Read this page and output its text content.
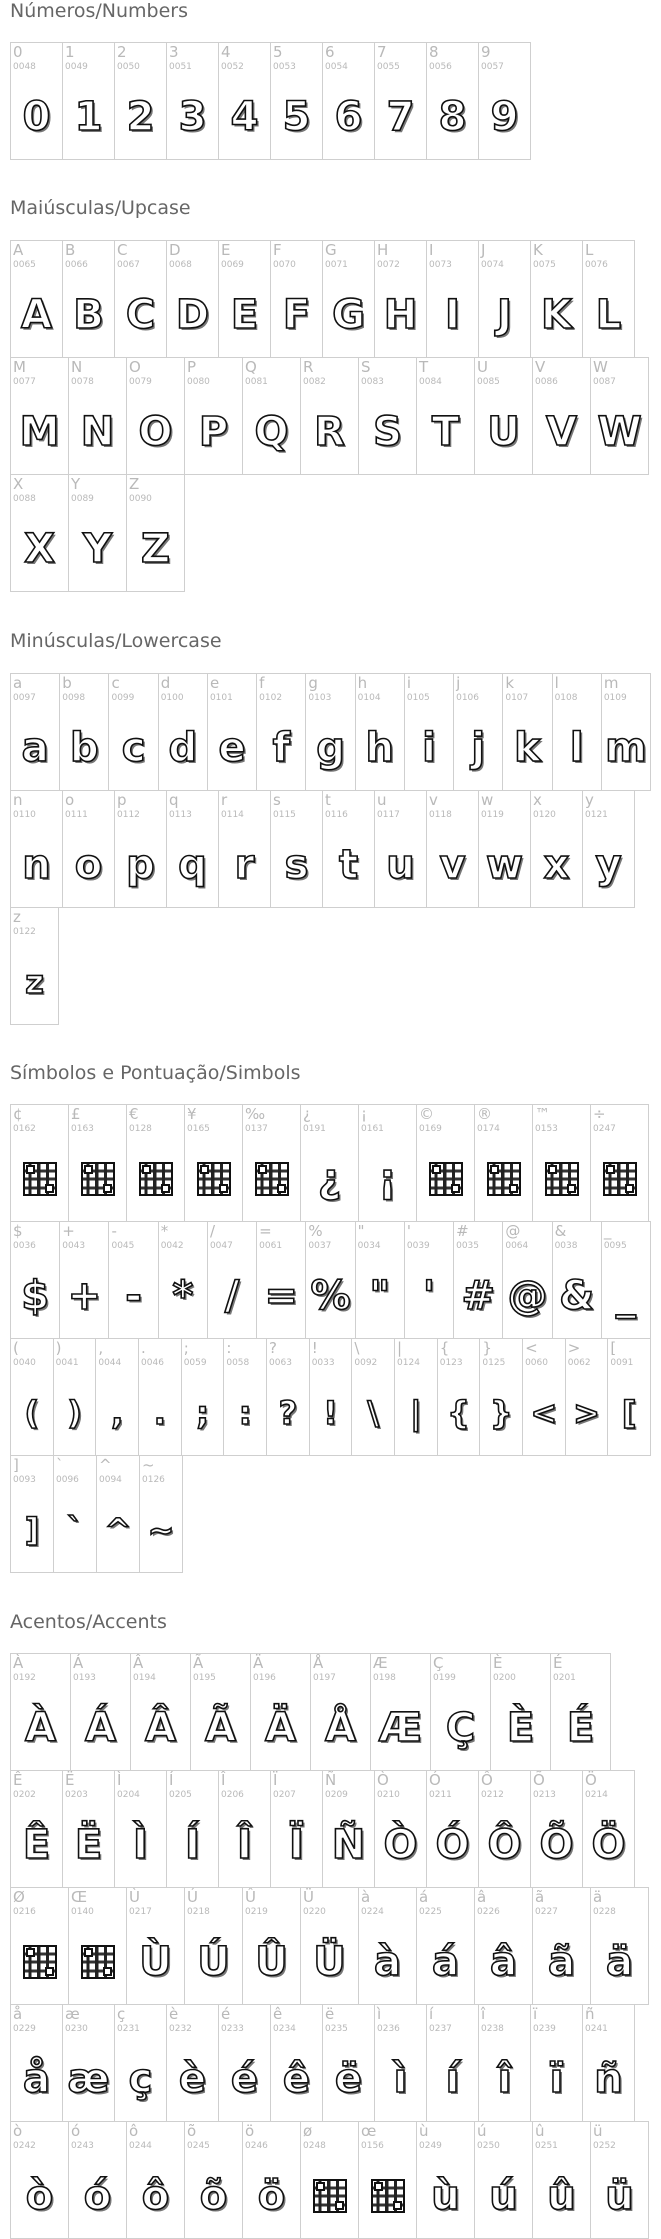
Números/Numbers
Maiúsculas/Upcase
Minúsculas/Lowercase
Símbolos e Pontuação/Simbols
Acentos/Accents
0
0048
0
1
0049
1
2
0050
2
3
0051
3
4
0052
4
5
0053
5
6
0054
6
7
0055
7
8
0056
8
9
0057
9
A
0065
A
B
0066
B
C
0067
C
D
0068
D
E
0069
E
F
0070
F
G
0071
G
H
0072
H
I
0073
I
J
0074
J
K
0075
K
L
0076
L
M
0077
M
N
0078
N
O
0079
O
P
0080
P
Q
0081
Q
R
0082
R
S
0083
S
T
0084
T
U
0085
U
V
0086
V
W
0087
W
X
0088
X
Y
0089
Y
Z
0090
Z
a
0097
a
b
0098
b
c
0099
c
d
0100
d
e
0101
e
f
0102
f
g
0103
g
h
0104
h
i
0105
i
j
0106
j
k
0107
k
l
0108
l
m
0109
m
n
0110
n
o
0111
o
p
0112
p
q
0113
q
r
0114
r
s
0115
s
t
0116
t
u
0117
u
v
0118
v
w
0119
w
x
0120
x
y
0121
y
z
0122
z
¢
0162
£
0163
€
0128
¥
0165
‰
0137
¿
0191
¿
¡
0161
¡
©
0169
®
0174
™
0153
÷
0247
$
0036
$
+
0043
+
-
0045
-
*
0042
*
/
0047
/
=
0061
=
%
0037
%
"
0034
"
'
0039
'
#
0035
#
@
0064
@
&
0038
&
_
0095
_
(
0040
(
)
0041
)
,
0044
,
.
0046
.
;
0059
;
:
0058
:
?
0063
?
!
0033
!
\
0092
\
|
0124
|
{
0123
{
}
0125
}
<
0060
<
>
0062
>
[
0091
[
]
0093
]
`
0096
`
^
0094
^
~
0126
~
À
0192
À
Á
0193
Á
Â
0194
Â
Ã
0195
Ã
Ä
0196
Ä
Å
0197
Å
Æ
0198
Æ
Ç
0199
Ç
È
0200
È
É
0201
É
Ê
0202
Ê
Ë
0203
Ë
Ì
0204
Ì
Í
0205
Í
Î
0206
Î
Ï
0207
Ï
Ñ
0209
Ñ
Ò
0210
Ò
Ó
0211
Ó
Ô
0212
Ô
Õ
0213
Õ
Ö
0214
Ö
Ø
0216
Œ
0140
Ù
0217
Ù
Ú
0218
Ú
Û
0219
Û
Ü
0220
Ü
à
0224
à
á
0225
á
â
0226
â
ã
0227
ã
ä
0228
ä
å
0229
å
æ
0230
æ
ç
0231
ç
è
0232
è
é
0233
é
ê
0234
ê
ë
0235
ë
ì
0236
ì
í
0237
í
î
0238
î
ï
0239
ï
ñ
0241
ñ
ò
0242
ò
ó
0243
ó
ô
0244
ô
õ
0245
õ
ö
0246
ö
ø
0248
œ
0156
ù
0249
ù
ú
0250
ú
û
0251
û
ü
0252
ü
